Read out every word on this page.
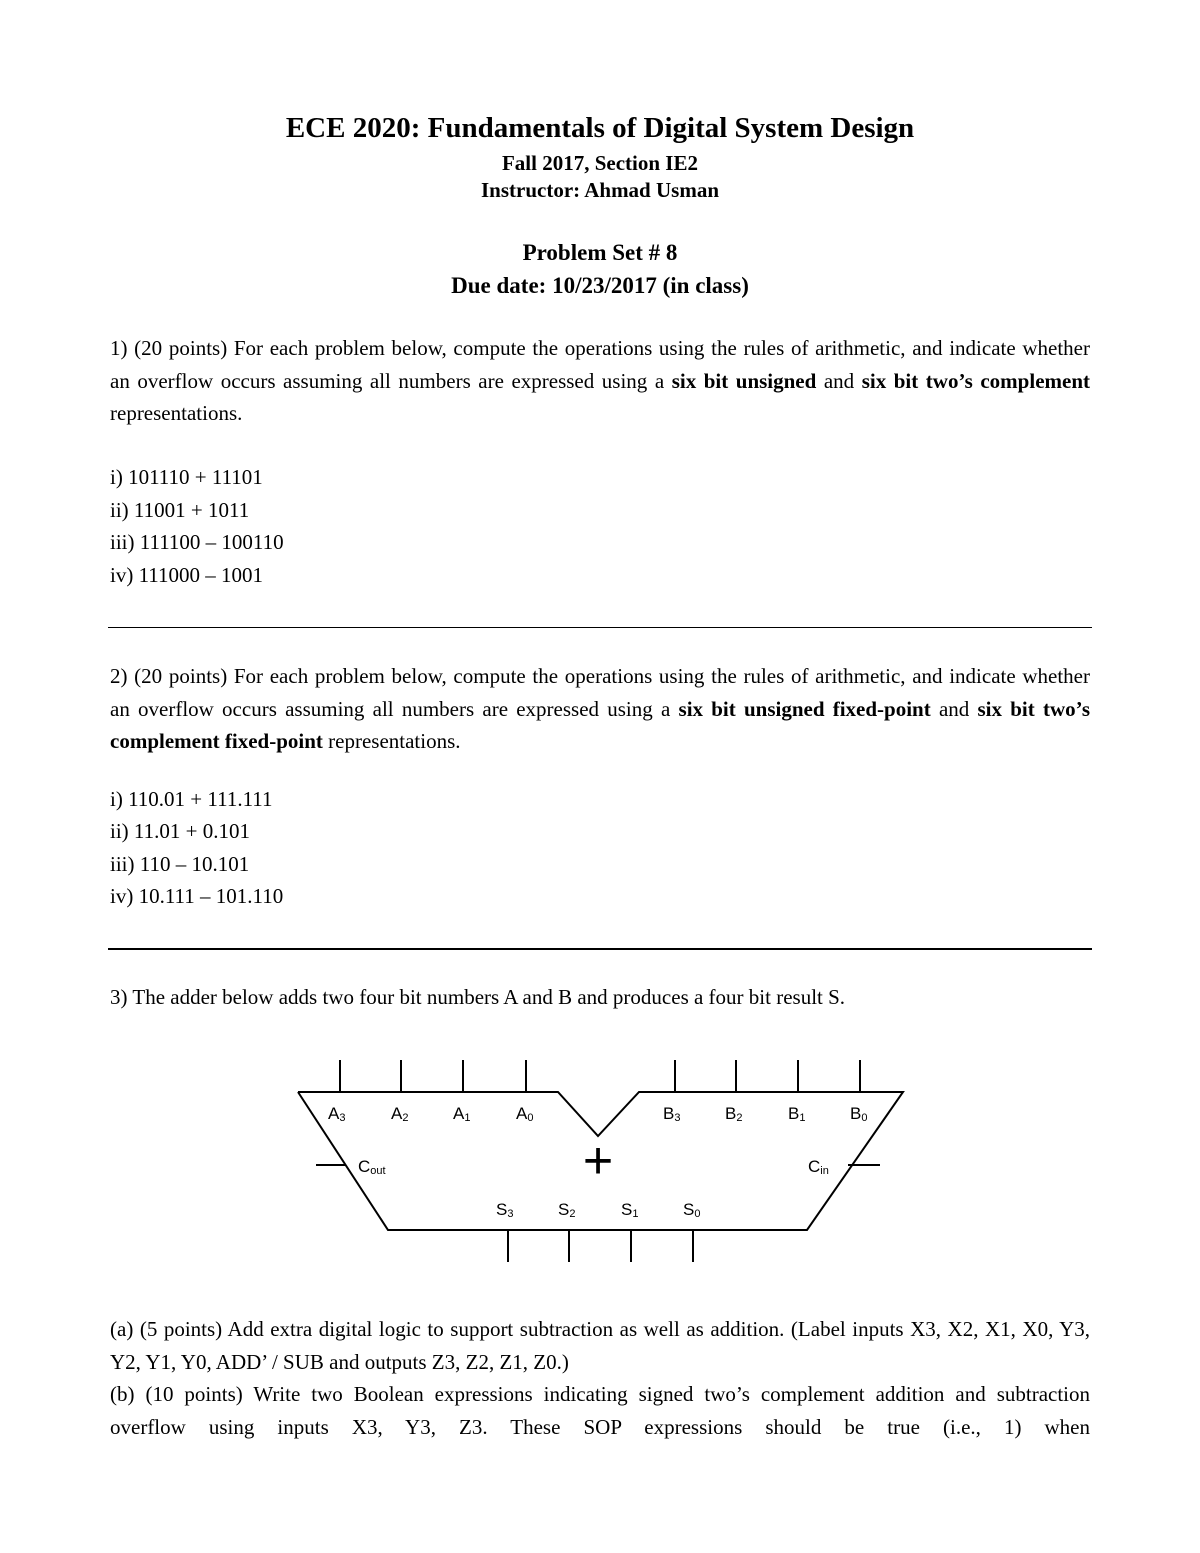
ECE 2020: Fundamentals of Digital System Design
Fall 2017, Section IE2
Instructor: Ahmad Usman
Problem Set # 8
Due date: 10/23/2017 (in class)
1) (20 points) For each problem below, compute the operations using the rules of arithmetic, and indicate whether an overflow occurs assuming all numbers are expressed using a six bit unsigned and six bit two’s complement representations.
i) 101110 + 11101
ii) 11001 + 1011
iii) 111100 – 100110
iv) 111000 – 1001
2) (20 points) For each problem below, compute the operations using the rules of arithmetic, and indicate whether an overflow occurs assuming all numbers are expressed using a six bit unsigned fixed-point and six bit two’s complement fixed-point representations.
i) 110.01 + 111.111
ii) 11.01 + 0.101
iii) 110 – 10.101
iv) 10.111 – 101.110
3) The adder below adds two four bit numbers A and B and produces a four bit result S.
+
A3	A2	A1	A0	B3	B2	B1	B0
Cout	Cin
S3	S2	S1	S0
(a) (5 points) Add extra digital logic to support subtraction as well as addition. (Label inputs X3, X2, X1, X0, Y3, Y2, Y1, Y0, ADD’ / SUB and outputs Z3, Z2, Z1, Z0.)
(b) (10 points) Write two Boolean expressions indicating signed two’s complement addition and subtraction overflow using inputs X3, Y3, Z3. These SOP expressions should be true (i.e., 1) when
